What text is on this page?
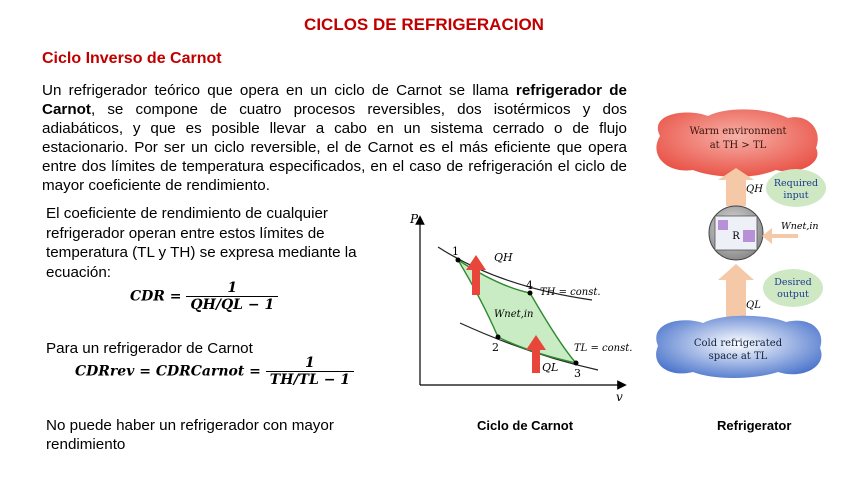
CICLOS DE REFRIGERACION
Ciclo Inverso de Carnot
Un refrigerador teórico que opera en un ciclo de Carnot se llama refrigerador de Carnot, se compone de cuatro procesos reversibles, dos isotérmicos y dos adiabáticos, y que es posible llevar a cabo en un sistema cerrado o de flujo estacionario. Por ser un ciclo reversible, el de Carnot es el más eficiente que opera entre dos límites de temperatura especificados, en el caso de refrigeración el ciclo de mayor coeficiente de rendimiento.
El coeficiente de rendimiento de cualquier refrigerador operan entre estos límites de temperatura (TL y TH) se expresa mediante la ecuación:
CDR = $\frac{1}{QH/QL - 1}$
Para un refrigerador de Carnot
CDRrev = CDRCarnot = $\frac{1}{TH/TL - 1}$
No puede haber un refrigerador con mayor rendimiento
P
v
1
2
3
4
QH
QL
Wnet,in
TH = const.
TL = const.
Warm environment
at TH > TL
QH
Required
input
R
Wnet,in
QL
Desired
output
Cold refrigerated
space at TL
Ciclo de Carnot	Refrigerator
